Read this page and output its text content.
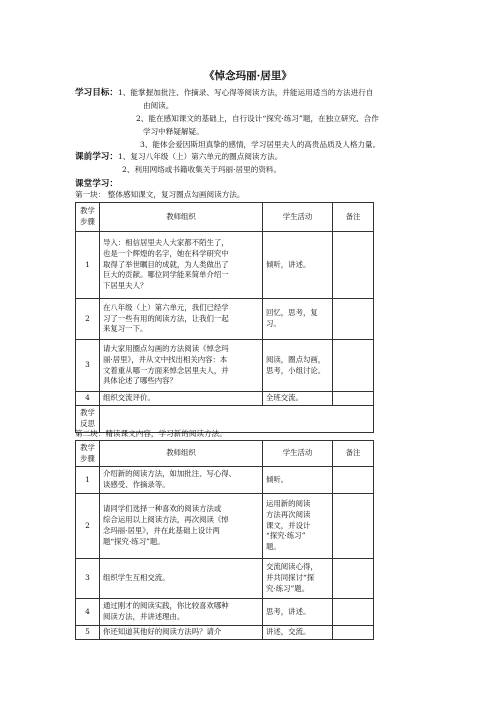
《悼念玛丽·居里》
学习目标：1、能掌握加批注、作摘录、写心得等阅读方法，并能运用适当的方法进行自
由阅读。
2、能在感知课文的基础上，自行设计“探究·练习”题，在独立研究、合作
学习中释疑解疑。
3、能体会爱因斯坦真挚的感情，学习居里夫人的高贵品质及人格力量。
课前学习：1、复习八年级（上）第六单元的圈点阅读方法。
2、利用网络或书籍收集关于玛丽·居里的资料。
课堂学习：
第一块： 整体感知课文，复习圈点勾画阅读方法。
教学
步骤	教师组织	学生活动	备注
1	导入：相信居里夫人大家都不陌生了，
也是一个辉煌的名字，她在科学研究中
取得了举世瞩目的成就，为人类做出了
巨大的贡献。哪位同学能来简单介绍一
下居里夫人？	倾听，讲述。	
2	在八年级（上）第六单元，我们已经学
习了一些有用的阅读方法，让我们一起
来复习一下。	回忆，思考，复
习。	
3	请大家用圈点勾画的方法阅读《悼念玛
丽·居里》，并从文中找出相关内容：本
文着重从哪一方面来悼念居里夫人，并
具体论述了哪些内容？	阅读，圈点勾画，
思考，小组讨论。	
4	组织交流评价。	全班交流。	
教学
反思			
第二块：精读课文内容，学习新的阅读方法。
教学
步骤	教师组织	学生活动	备注
1	介绍新的阅读方法，如加批注、写心得、
谈感受、作摘录等。	倾听。	
2	请同学们选择一种喜欢的阅读方法或
综合运用以上阅读方法，再次阅读《悼
念玛丽·居里》，并在此基础上设计两
题“探究·练习”题。	运用新的阅读
方法再次阅读
课文，并设计
“探究·练习”
题。	
3	组织学生互相交流。	交流阅读心得，
并共同探讨“探
究·练习”题。	
4	通过刚才的阅读实践，你比较喜欢哪种
阅读方法，并讲述理由。	思考，讲述。	
5	你还知道其他好的阅读方法吗？请介	讲述，交流。	
